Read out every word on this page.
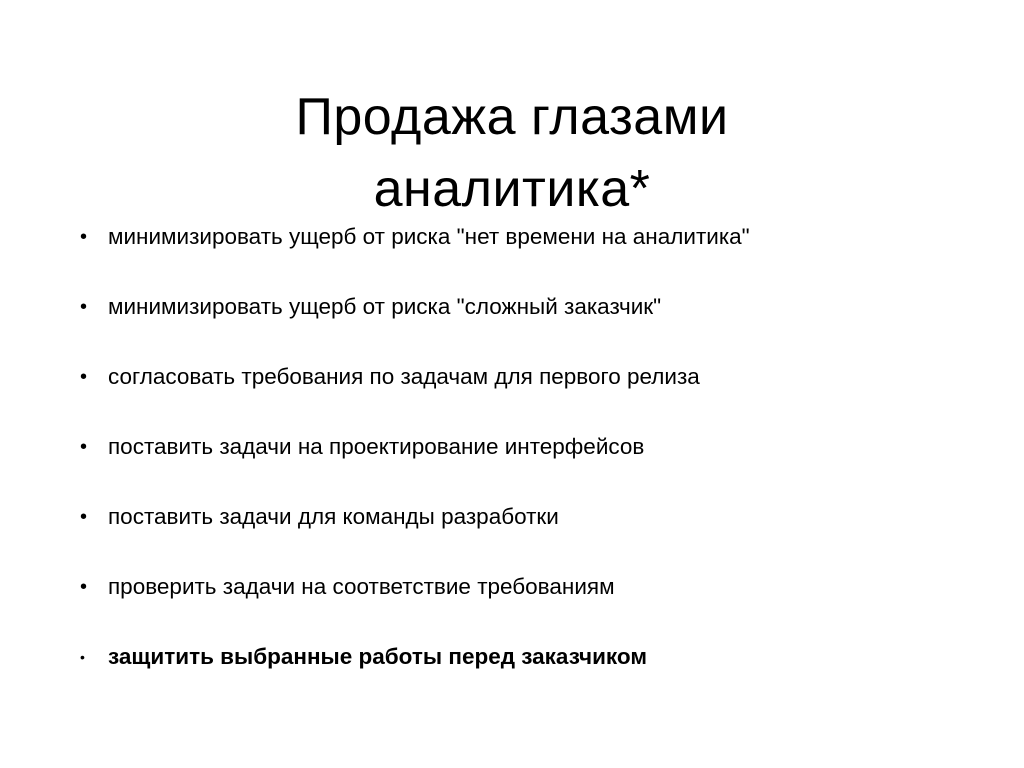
Продажа глазами
аналитика*
• минимизировать ущерб от риска "нет времени на аналитика"
• минимизировать ущерб от риска "сложный заказчик"
• согласовать требования по задачам для первого релиза
• поставить задачи на проектирование интерфейсов
• поставить задачи для команды разработки
• проверить задачи на соответствие требованиям
•	защитить выбранные работы перед заказчиком
